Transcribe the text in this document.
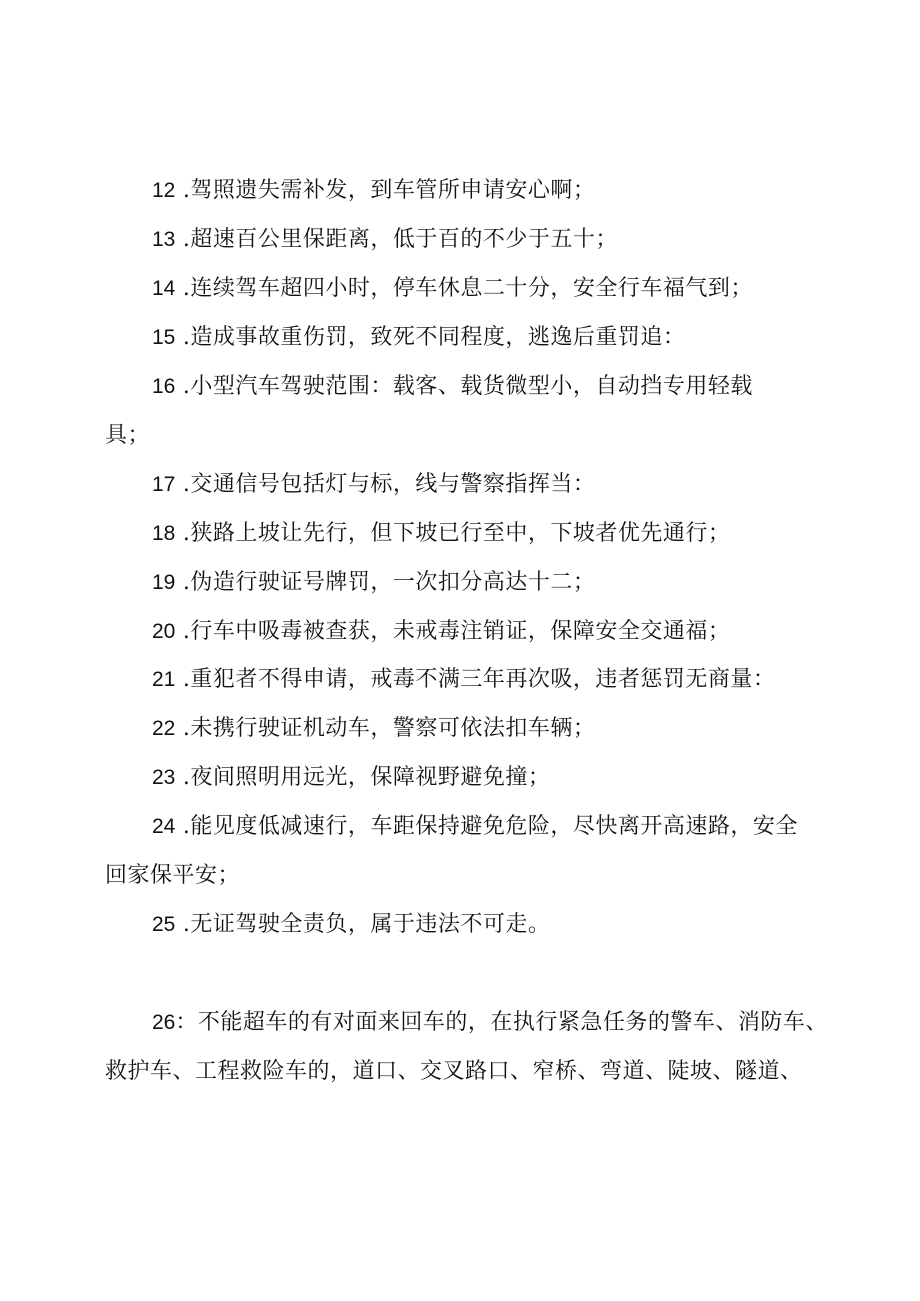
12 .驾照遗失需补发，到车管所申请安心啊；
13 .超速百公里保距离，低于百的不少于五十；
14 .连续驾车超四小时，停车休息二十分，安全行车福气到；
15 .造成事故重伤罚，致死不同程度，逃逸后重罚追：
16 .小型汽车驾驶范围：载客、载货微型小，自动挡专用轻载
具；
17 .交通信号包括灯与标，线与警察指挥当：
18 .狭路上坡让先行，但下坡已行至中，下坡者优先通行；
19 .伪造行驶证号牌罚，一次扣分高达十二；
20 .行车中吸毒被查获，未戒毒注销证，保障安全交通福；
21 .重犯者不得申请，戒毒不满三年再次吸，违者惩罚无商量：
22 .未携行驶证机动车，警察可依法扣车辆；
23 .夜间照明用远光，保障视野避免撞；
24 .能见度低减速行，车距保持避免危险，尽快离开高速路，安全
回家保平安；
25 .无证驾驶全责负，属于违法不可走。
26：不能超车的有对面来回车的，在执行紧急任务的警车、消防车、
救护车、工程救险车的，道口、交叉路口、窄桥、弯道、陡坡、隧道、
